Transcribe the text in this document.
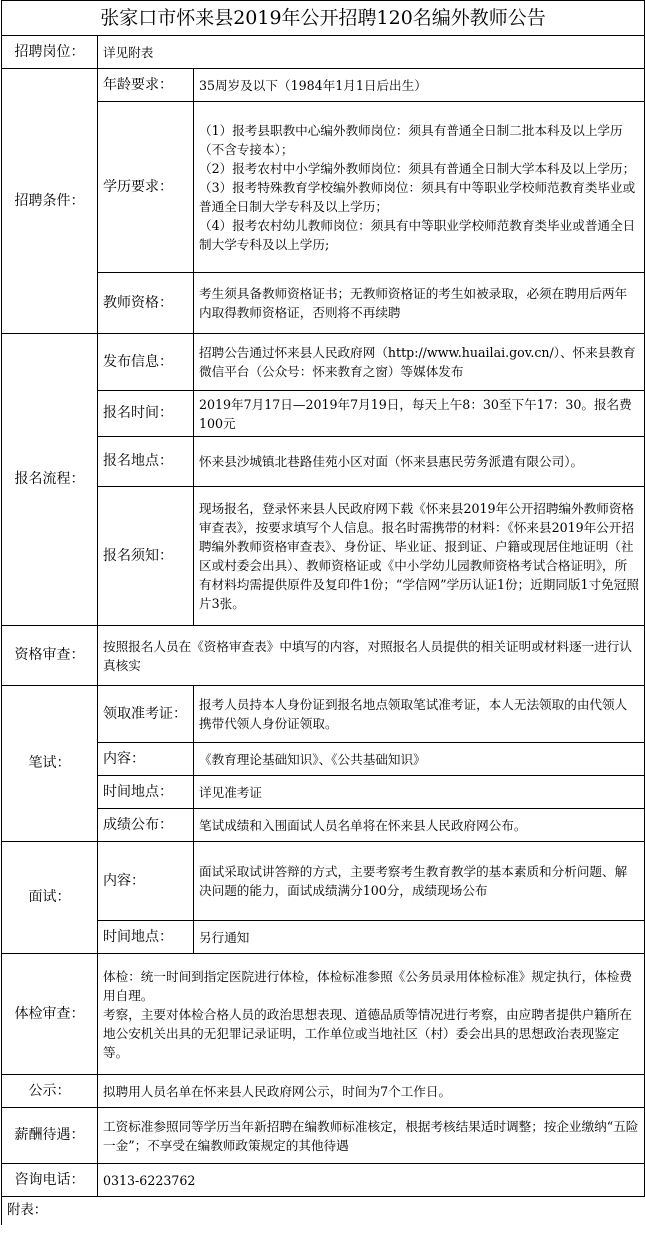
张家口市怀来县2019年公开招聘120名编外教师公告		
招聘岗位：	详见附表	
招聘条件：	年龄要求：	35周岁及以下（1984年1月1日后出生）
	学历要求：	（1）报考县职教中心编外教师岗位：须具有普通全日制二批本科及以上学历（不含专接本）；
（2）报考农村中小学编外教师岗位：须具有普通全日制大学本科及以上学历；
（3）报考特殊教育学校编外教师岗位：须具有中等职业学校师范教育类毕业或普通全日制大学专科及以上学历；
（4）报考农村幼儿教师岗位：须具有中等职业学校师范教育类毕业或普通全日制大学专科及以上学历;
	教师资格：	考生须具备教师资格证书；无教师资格证的考生如被录取，必须在聘用后两年内取得教师资格证，否则将不再续聘
报名流程：	发布信息：	招聘公告通过怀来县人民政府网（http://www.huailai.gov.cn/）、怀来县教育微信平台（公众号：怀来教育之窗）等媒体发布
	报名时间：	2019年7月17日—2019年7月19日，每天上午8：30至下午17：30。报名费100元
	报名地点：	怀来县沙城镇北巷路佳苑小区对面（怀来县惠民劳务派遣有限公司）。
	报名须知：	现场报名，登录怀来县人民政府网下载《怀来县2019年公开招聘编外教师资格审查表》，按要求填写个人信息。报名时需携带的材料：《怀来县2019年公开招聘编外教师资格审查表》、身份证、毕业证、报到证、户籍或现居住地证明（社区或村委会出具）、教师资格证或《中小学幼儿园教师资格考试合格证明》，所有材料均需提供原件及复印件1份；“学信网”学历认证1份；近期同版1寸免冠照片3张。
资格审查：	按照报名人员在《资格审查表》中填写的内容，对照报名人员提供的相关证明或材料逐一进行认真核实	
笔试：	领取准考证：	报考人员持本人身份证到报名地点领取笔试准考证，本人无法领取的由代领人携带代领人身份证领取。
	内容：	《教育理论基础知识》、《公共基础知识》
	时间地点：	详见准考证
	成绩公布：	笔试成绩和入围面试人员名单将在怀来县人民政府网公布。
面试：	内容：	面试采取试讲答辩的方式，主要考察考生教育教学的基本素质和分析问题、解决问题的能力，面试成绩满分100分，成绩现场公布
	时间地点：	另行通知
体检审查：	体检：统一时间到指定医院进行体检，体检标准参照《公务员录用体检标准》规定执行，体检费用自理。
考察，主要对体检合格人员的政治思想表现、道德品质等情况进行考察，由应聘者提供户籍所在地公安机关出具的无犯罪记录证明，工作单位或当地社区（村）委会出具的思想政治表现鉴定等。	
公示：	拟聘用人员名单在怀来县人民政府网公示，时间为7个工作日。	
薪酬待遇：	工资标准参照同等学历当年新招聘在编教师标准核定，根据考核结果适时调整；按企业缴纳“五险一金”；不享受在编教师政策规定的其他待遇	
咨询电话：	0313-6223762	
附表：		
